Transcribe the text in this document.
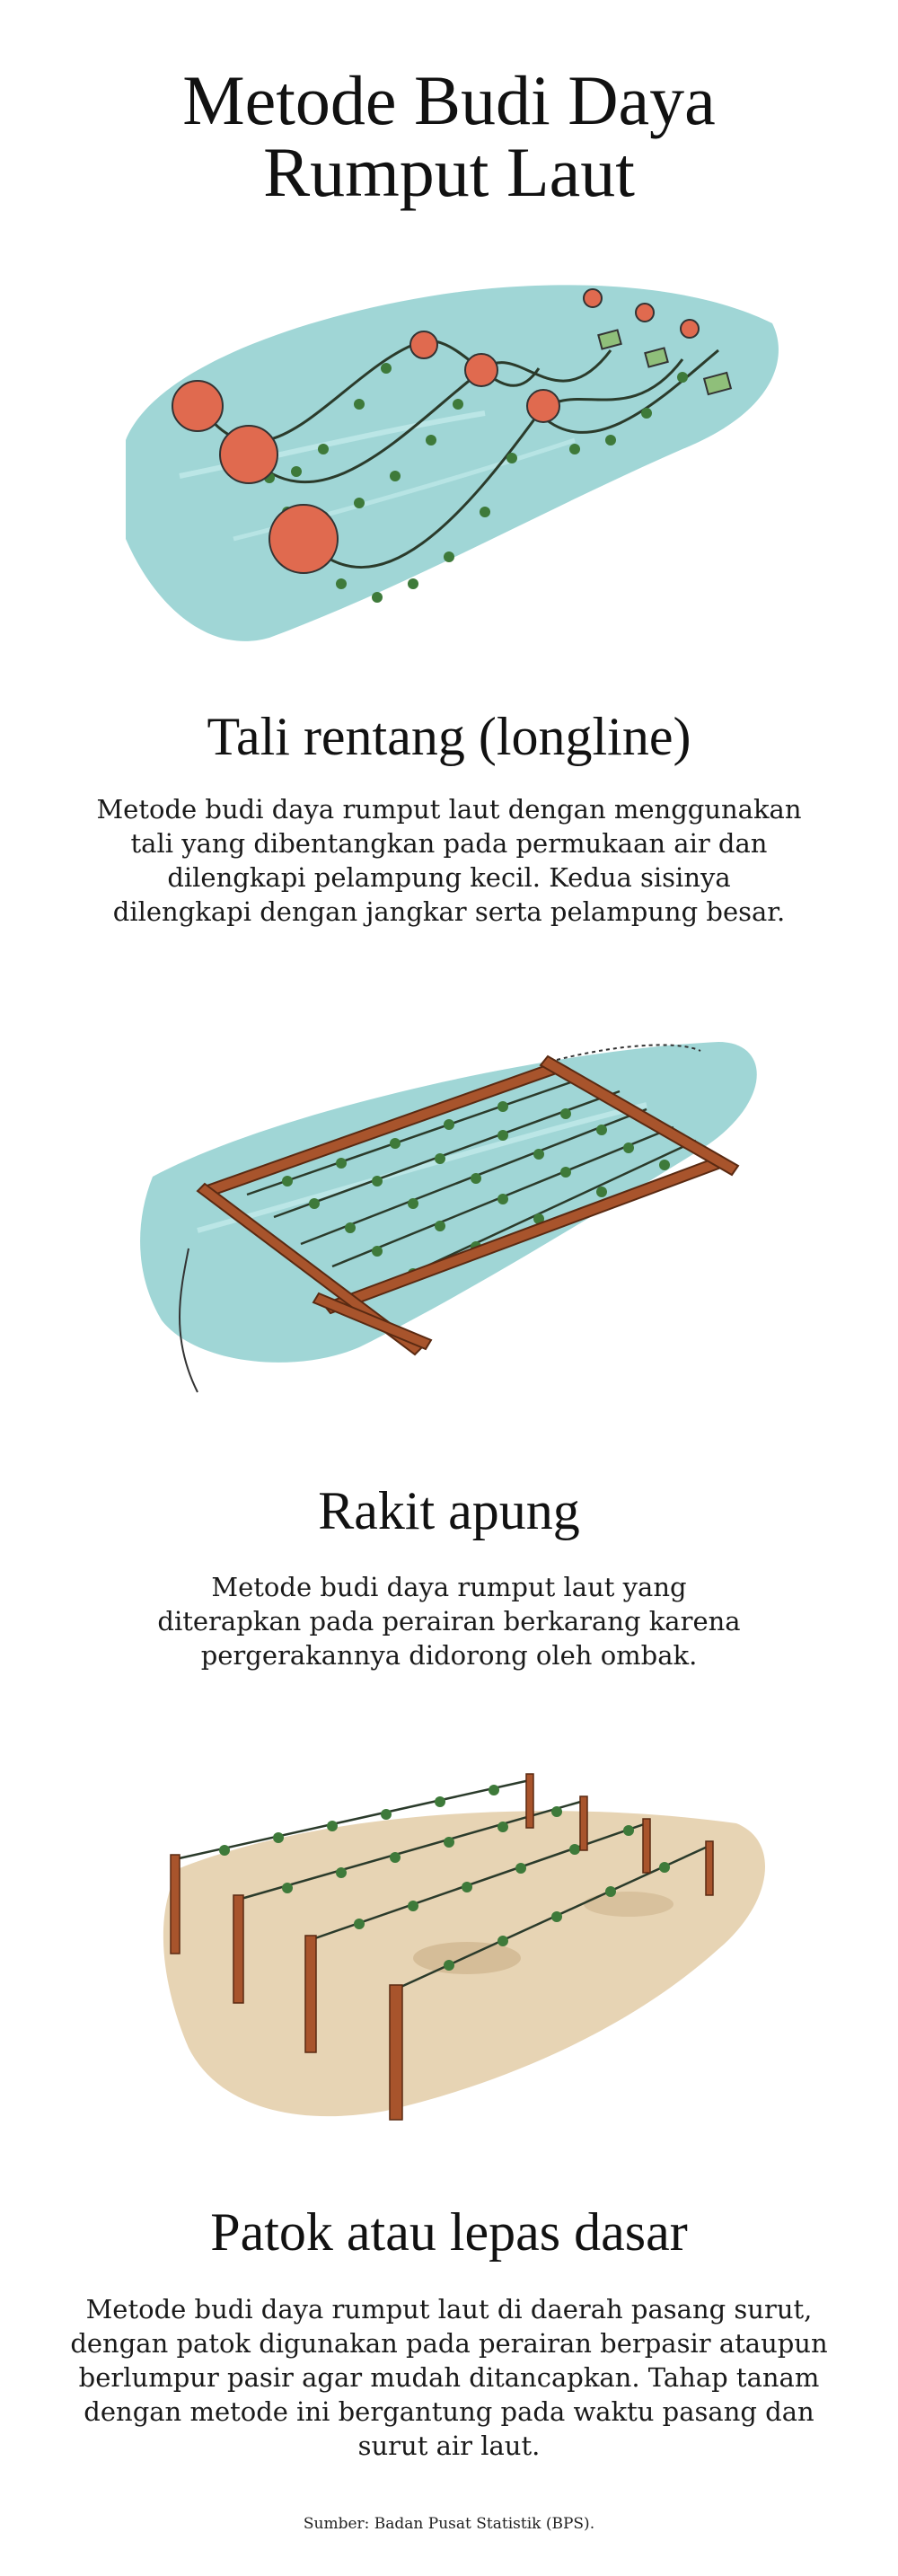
Metode Budi Daya
Rumput Laut
Tali rentang (longline)
Metode budi daya rumput laut dengan menggunakan
tali yang dibentangkan pada permukaan air dan
dilengkapi pelampung kecil. Kedua sisinya
dilengkapi dengan jangkar serta pelampung besar.
Rakit apung
Metode budi daya rumput laut yang
diterapkan pada perairan berkarang karena
pergerakannya didorong oleh ombak.
Patok atau lepas dasar
Metode budi daya rumput laut di daerah pasang surut,
dengan patok digunakan pada perairan berpasir ataupun
berlumpur pasir agar mudah ditancapkan. Tahap tanam
dengan metode ini bergantung pada waktu pasang dan
surut air laut.
Sumber: Badan Pusat Statistik (BPS).
